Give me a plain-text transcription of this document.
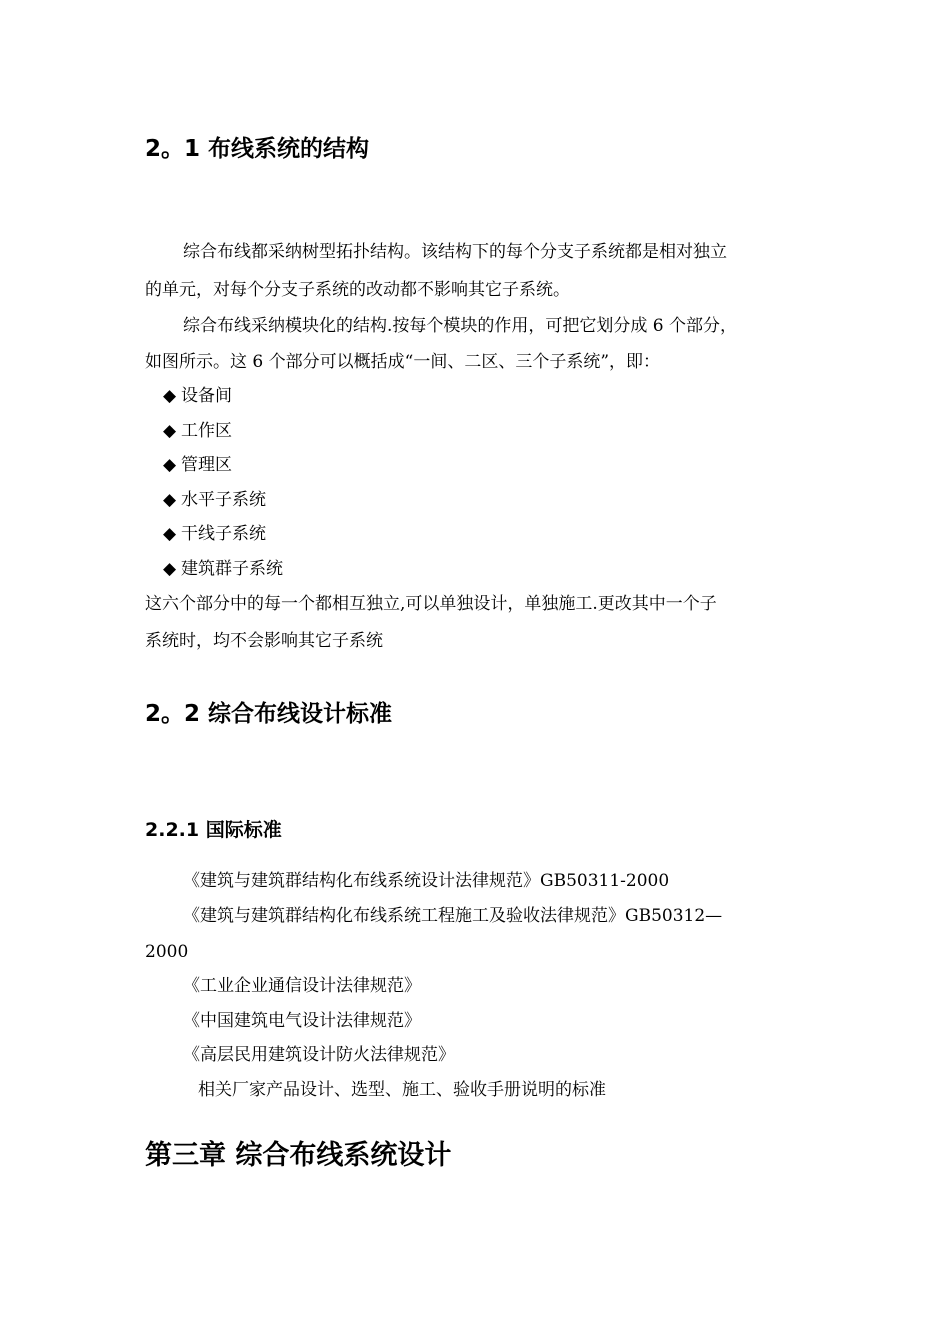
2。1 布线系统的结构
综合布线都采纳树型拓扑结构。该结构下的每个分支子系统都是相对独立
的单元，对每个分支子系统的改动都不影响其它子系统。
综合布线采纳模块化的结构.按每个模块的作用，可把它划分成 6 个部分，
如图所示。这 6 个部分可以概括成“一间、二区、三个子系统”，即：
◆ 设备间
◆ 工作区
◆ 管理区
◆ 水平子系统
◆ 干线子系统
◆ 建筑群子系统
这六个部分中的每一个都相互独立,可以单独设计，单独施工.更改其中一个子
系统时，均不会影响其它子系统
2。2 综合布线设计标准
2.2.1 国际标准
《建筑与建筑群结构化布线系统设计法律规范》GB50311-2000
《建筑与建筑群结构化布线系统工程施工及验收法律规范》GB50312—
2000
《工业企业通信设计法律规范》
《中国建筑电气设计法律规范》
《高层民用建筑设计防火法律规范》
相关厂家产品设计、选型、施工、验收手册说明的标准
第三章 综合布线系统设计
